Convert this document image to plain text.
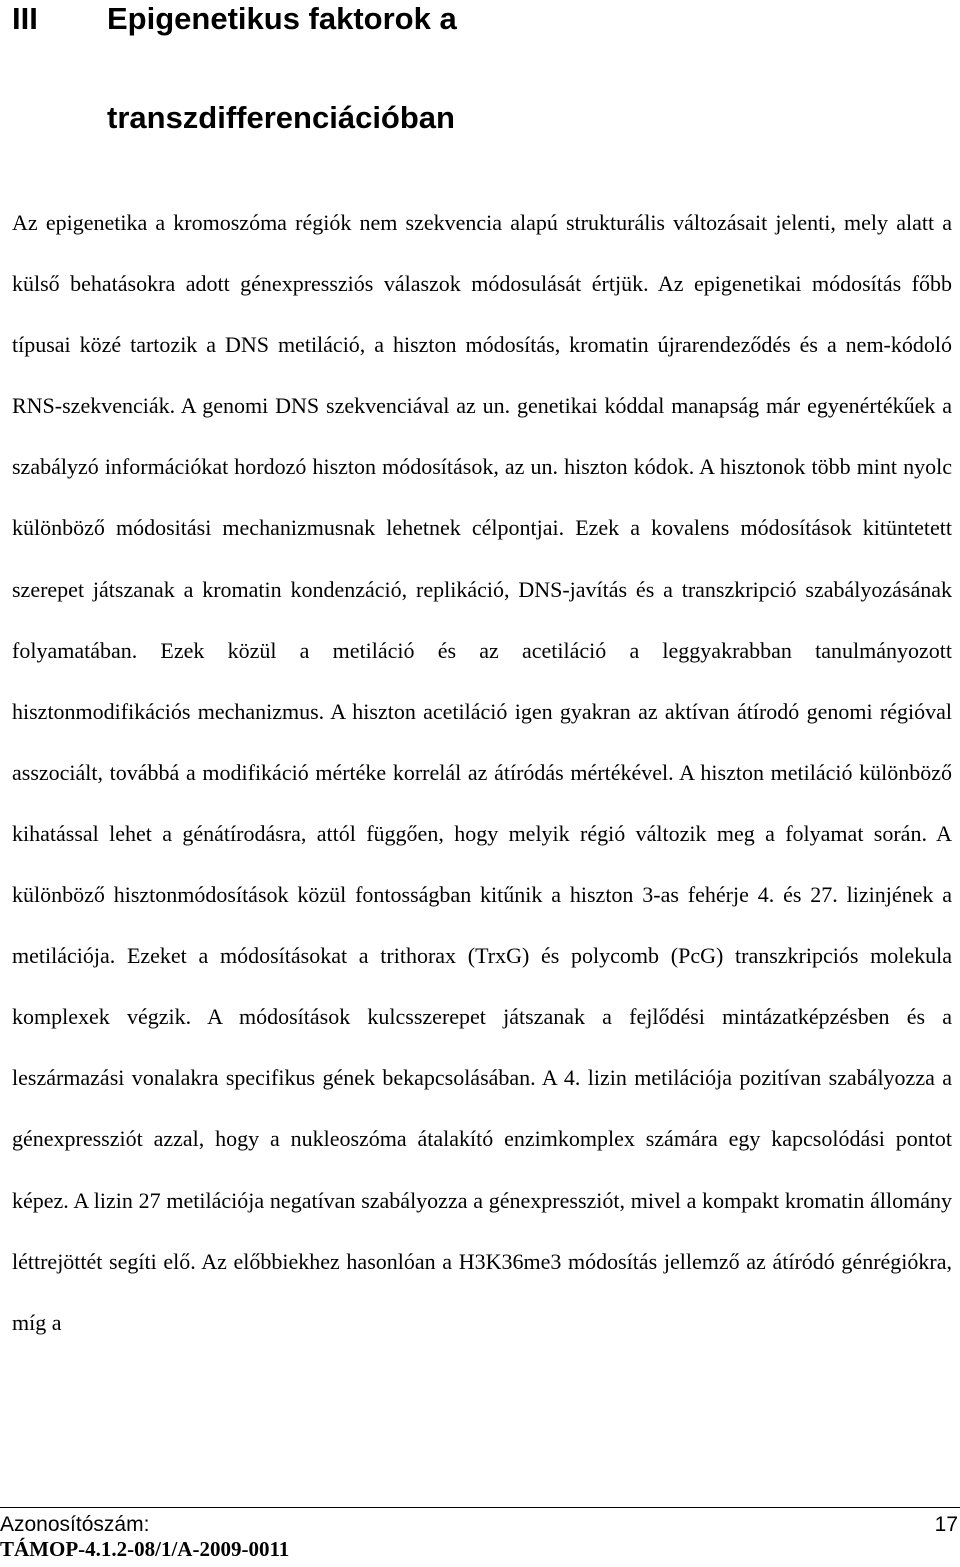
III Epigenetikus faktorok a
transzdifferenciációban

Az epigenetika a kromoszóma régiók nem szekvencia alapú strukturális változásait jelenti, mely alatt a külső behatásokra adott génexpressziós válaszok módosulását értjük. Az epigenetikai módosítás főbb típusai közé tartozik a DNS metiláció, a hiszton módosítás, kromatin újrarendeződés és a nem-kódoló RNS-szekvenciák. A genomi DNS szekvenciával az un. genetikai kóddal manapság már egyenértékűek a szabályzó információkat hordozó hiszton módosítások, az un. hiszton kódok. A hisztonok több mint nyolc különböző módositási mechanizmusnak lehetnek célpontjai. Ezek a kovalens módosítások kitüntetett szerepet játszanak a kromatin kondenzáció, replikáció, DNS-javítás és a transzkripció szabályozásának folyamatában. Ezek közül a metiláció és az acetiláció a leggyakrabban tanulmányozott hisztonmodifikációs mechanizmus. A hiszton acetiláció igen gyakran az aktívan átírodó genomi régióval asszociált, továbbá a modifikáció mértéke korrelál az átíródás mértékével. A hiszton metiláció különböző kihatással lehet a génátírodásra, attól függően, hogy melyik régió változik meg a folyamat során. A különböző hisztonmódosítások közül fontosságban kitűnik a hiszton 3-as fehérje 4. és 27. lizinjének a metilációja. Ezeket a módosításokat a trithorax (TrxG) és polycomb (PcG) transzkripciós molekula komplexek végzik. A módosítások kulcsszerepet játszanak a fejlődési mintázatképzésben és a leszármazási vonalakra specifikus gének bekapcsolásában. A 4. lizin metilációja pozitívan szabályozza a génexpressziót azzal, hogy a nukleoszóma átalakító enzimkomplex számára egy kapcsolódási pontot képez. A lizin 27 metilációja negatívan szabályozza a génexpressziót, mivel a kompakt kromatin állomány léttrejöttét segíti elő. Az előbbiekhez hasonlóan a H3K36me3 módosítás jellemző az átíródó génrégiókra, míg a

Azonosítószám:	17
TÁMOP-4.1.2-08/1/A-2009-0011
